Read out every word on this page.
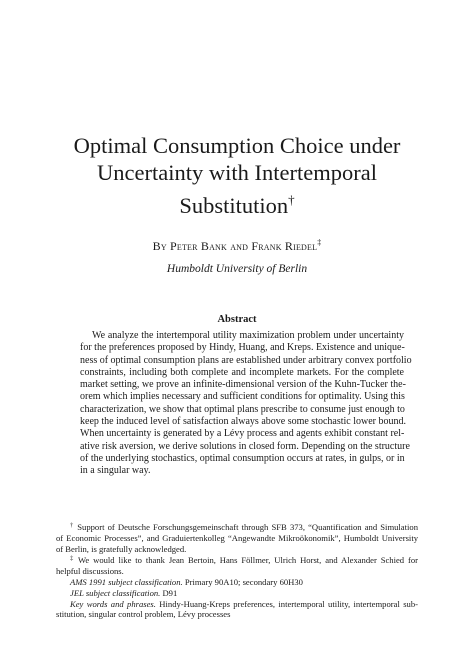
Optimal Consumption Choice under
Uncertainty with Intertemporal
Substitution†

By Peter Bank and Frank Riedel‡

Humboldt University of Berlin

Abstract
We analyze the intertemporal utility maximization problem under uncertainty
for the preferences proposed by Hindy, Huang, and Kreps. Existence and unique-
ness of optimal consumption plans are established under arbitrary convex portfolio
constraints, including both complete and incomplete markets. For the complete
market setting, we prove an infinite-dimensional version of the Kuhn-Tucker the-
orem which implies necessary and sufficient conditions for optimality. Using this
characterization, we show that optimal plans prescribe to consume just enough to
keep the induced level of satisfaction always above some stochastic lower bound.
When uncertainty is generated by a Lévy process and agents exhibit constant rel-
ative risk aversion, we derive solutions in closed form. Depending on the structure
of the underlying stochastics, optimal consumption occurs at rates, in gulps, or in
in a singular way.
† Support of Deutsche Forschungsgemeinschaft through SFB 373, “Quantification and Simulation
of Economic Processes”, and Graduiertenkolleg “Angewandte Mikroökonomik”, Humboldt University
of Berlin, is gratefully acknowledged.
‡ We would like to thank Jean Bertoin, Hans Föllmer, Ulrich Horst, and Alexander Schied for
helpful discussions.
AMS 1991 subject classification. Primary 90A10; secondary 60H30
JEL subject classification. D91
Key words and phrases. Hindy-Huang-Kreps preferences, intertemporal utility, intertemporal sub-
stitution, singular control problem, Lévy processes
